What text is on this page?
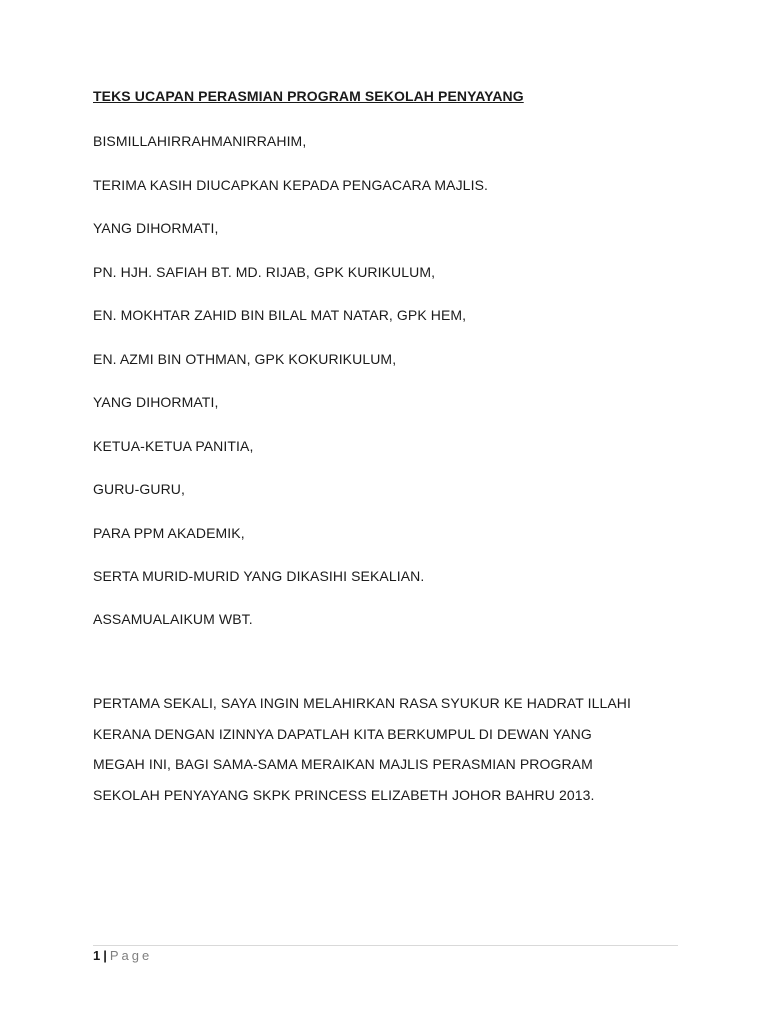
TEKS UCAPAN PERASMIAN PROGRAM SEKOLAH PENYAYANG
BISMILLAHIRRAHMANIRRAHIM,
TERIMA KASIH DIUCAPKAN KEPADA PENGACARA MAJLIS.
YANG DIHORMATI,
PN. HJH. SAFIAH BT. MD. RIJAB, GPK KURIKULUM,
EN. MOKHTAR ZAHID BIN BILAL MAT NATAR, GPK HEM,
EN. AZMI BIN OTHMAN, GPK KOKURIKULUM,
YANG DIHORMATI,
KETUA-KETUA PANITIA,
GURU-GURU,
PARA PPM AKADEMIK,
SERTA MURID-MURID YANG DIKASIHI SEKALIAN.
ASSAMUALAIKUM WBT.
PERTAMA SEKALI, SAYA INGIN MELAHIRKAN RASA SYUKUR KE HADRAT ILLAHI
KERANA DENGAN IZINNYA DAPATLAH KITA BERKUMPUL DI DEWAN YANG
MEGAH INI, BAGI SAMA-SAMA MERAIKAN MAJLIS PERASMIAN PROGRAM
SEKOLAH PENYAYANG SKPK PRINCESS ELIZABETH JOHOR BAHRU 2013.
1 | Page
